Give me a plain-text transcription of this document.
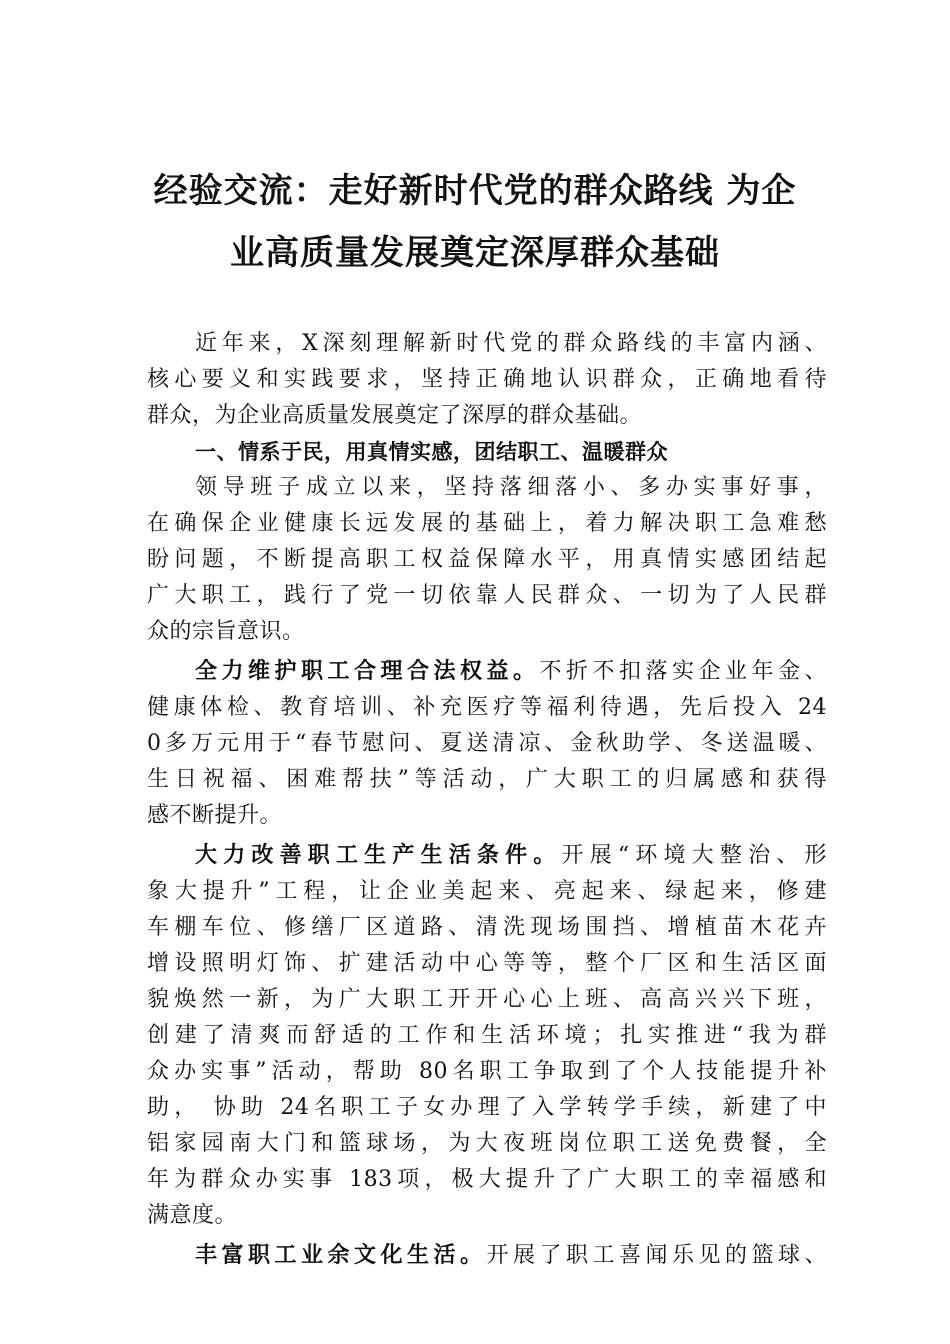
经验交流：走好新时代党的群众路线 为企
业高质量发展奠定深厚群众基础
近年来，X深刻理解新时代党的群众路线的丰富内涵、
核心要义和实践要求，坚持正确地认识群众，正确地看待
群众，为企业高质量发展奠定了深厚的群众基础。
一、情系于民，用真情实感，团结职工、温暖群众
领导班子成立以来，坚持落细落小、多办实事好事，
在确保企业健康长远发展的基础上，着力解决职工急难愁
盼问题，不断提高职工权益保障水平，用真情实感团结起
广大职工，践行了党一切依靠人民群众、一切为了人民群
众的宗旨意识。
全力维护职工合理合法权益。不折不扣落实企业年金、
健康体检、教育培训、补充医疗等福利待遇，先后投入 24
0多万元用于“春节慰问、夏送清凉、金秋助学、冬送温暖、
生日祝福、困难帮扶”等活动，广大职工的归属感和获得
感不断提升。
大力改善职工生产生活条件。开展“环境大整治、形
象大提升”工程，让企业美起来、亮起来、绿起来，修建
车棚车位、修缮厂区道路、清洗现场围挡、增植苗木花卉
增设照明灯饰、扩建活动中心等等，整个厂区和生活区面
貌焕然一新，为广大职工开开心心上班、高高兴兴下班，
创建了清爽而舒适的工作和生活环境；扎实推进“我为群
众办实事”活动，帮助 80名职工争取到了个人技能提升补
助， 协助 24名职工子女办理了入学转学手续，新建了中
铝家园南大门和篮球场，为大夜班岗位职工送免费餐，全
年为群众办实事 183项，极大提升了广大职工的幸福感和
满意度。
丰富职工业余文化生活。开展了职工喜闻乐见的篮球、
